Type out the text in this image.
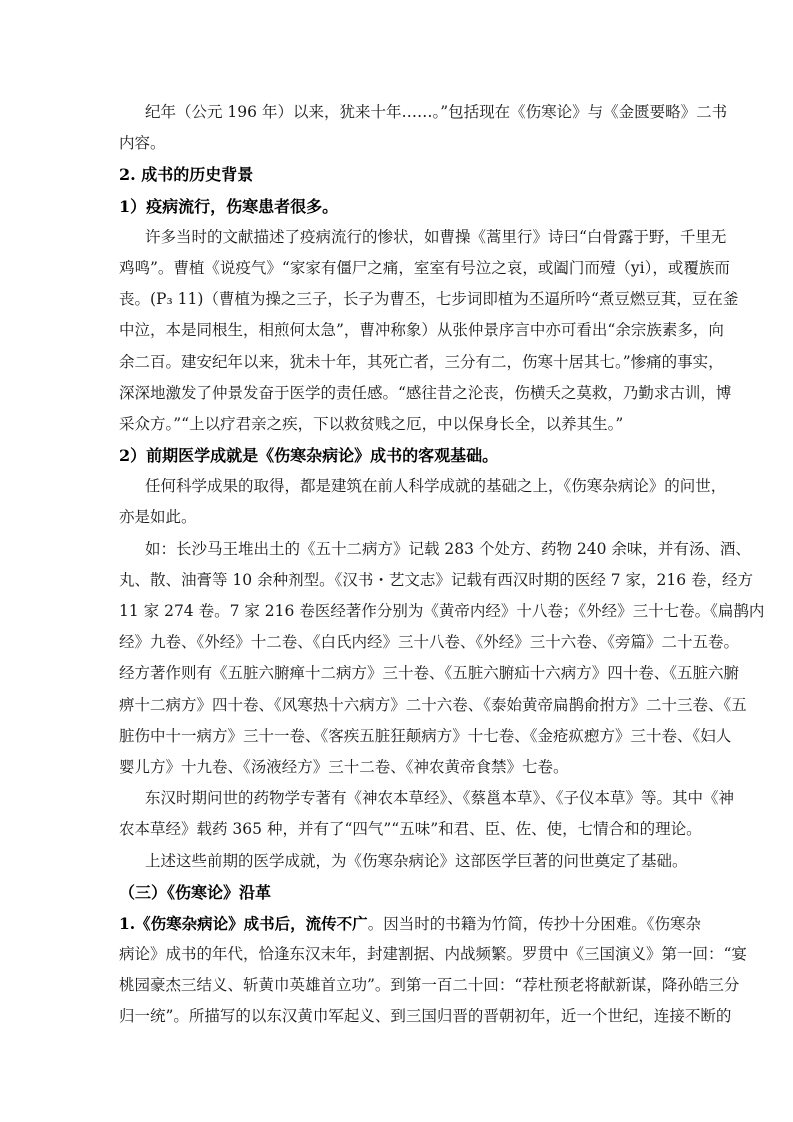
纪年（公元 196 年）以来，犹来十年……。”包括现在《伤寒论》与《金匮要略》二书
内容。
2. 成书的历史背景
1）疫病流行，伤寒患者很多。
许多当时的文献描述了疫病流行的惨状，如曹操《蒿里行》诗曰“白骨露于野，千里无
鸡鸣”。曹植《说疫气》“家家有僵尸之痛，室室有号泣之哀，或阖门而殪（yi），或覆族而
丧。(P₃ 11)（曹植为操之三子，长子为曹丕，七步词即植为丕逼所吟“煮豆燃豆萁，豆在釜
中泣，本是同根生，相煎何太急”，曹冲称象）从张仲景序言中亦可看出“余宗族素多，向
余二百。建安纪年以来，犹未十年，其死亡者，三分有二，伤寒十居其七。”惨痛的事实，
深深地激发了仲景发奋于医学的责任感。“感往昔之沦丧，伤横夭之莫救，乃勤求古训，博
采众方。”“上以疗君亲之疾，下以救贫贱之厄，中以保身长全，以养其生。”
2）前期医学成就是《伤寒杂病论》成书的客观基础。
任何科学成果的取得，都是建筑在前人科学成就的基础之上，《伤寒杂病论》的问世，
亦是如此。
如：长沙马王堆出土的《五十二病方》记载 283 个处方、药物 240 余味，并有汤、酒、
丸、散、油膏等 10 余种剂型。《汉书・艺文志》记载有西汉时期的医经 7 家，216 卷，经方
11 家 274 卷。7 家 216 卷医经著作分别为《黄帝内经》十八卷；《外经》三十七卷。《扁鹊内
经》九卷、《外经》十二卷、《白氏内经》三十八卷、《外经》三十六卷、《旁篇》二十五卷。
经方著作则有《五脏六腑瘅十二病方》三十卷、《五脏六腑疝十六病方》四十卷、《五脏六腑
痹十二病方》四十卷、《风寒热十六病方》二十六卷、《泰始黄帝扁鹊俞拊方》二十三卷、《五
脏伤中十一病方》三十一卷、《客疾五脏狂颠病方》十七卷、《金疮疭瘛方》三十卷、《妇人
婴儿方》十九卷、《汤液经方》三十二卷、《神农黄帝食禁》七卷。
东汉时期问世的药物学专著有《神农本草经》、《蔡邕本草》、《子仪本草》等。其中《神
农本草经》载药 365 种，并有了“四气”“五味”和君、臣、佐、使，七情合和的理论。
上述这些前期的医学成就，为《伤寒杂病论》这部医学巨著的问世奠定了基础。
（三）《伤寒论》沿革
1.《伤寒杂病论》成书后，流传不广。因当时的书籍为竹简，传抄十分困难。《伤寒杂
病论》成书的年代，恰逢东汉末年，封建割据、内战频繁。罗贯中《三国演义》第一回：“宴
桃园豪杰三结义、斩黄巾英雄首立功”。到第一百二十回：“荐杜预老将献新谋，降孙皓三分
归一统”。所描写的以东汉黄巾军起义、到三国归晋的晋朝初年，近一个世纪，连接不断的
